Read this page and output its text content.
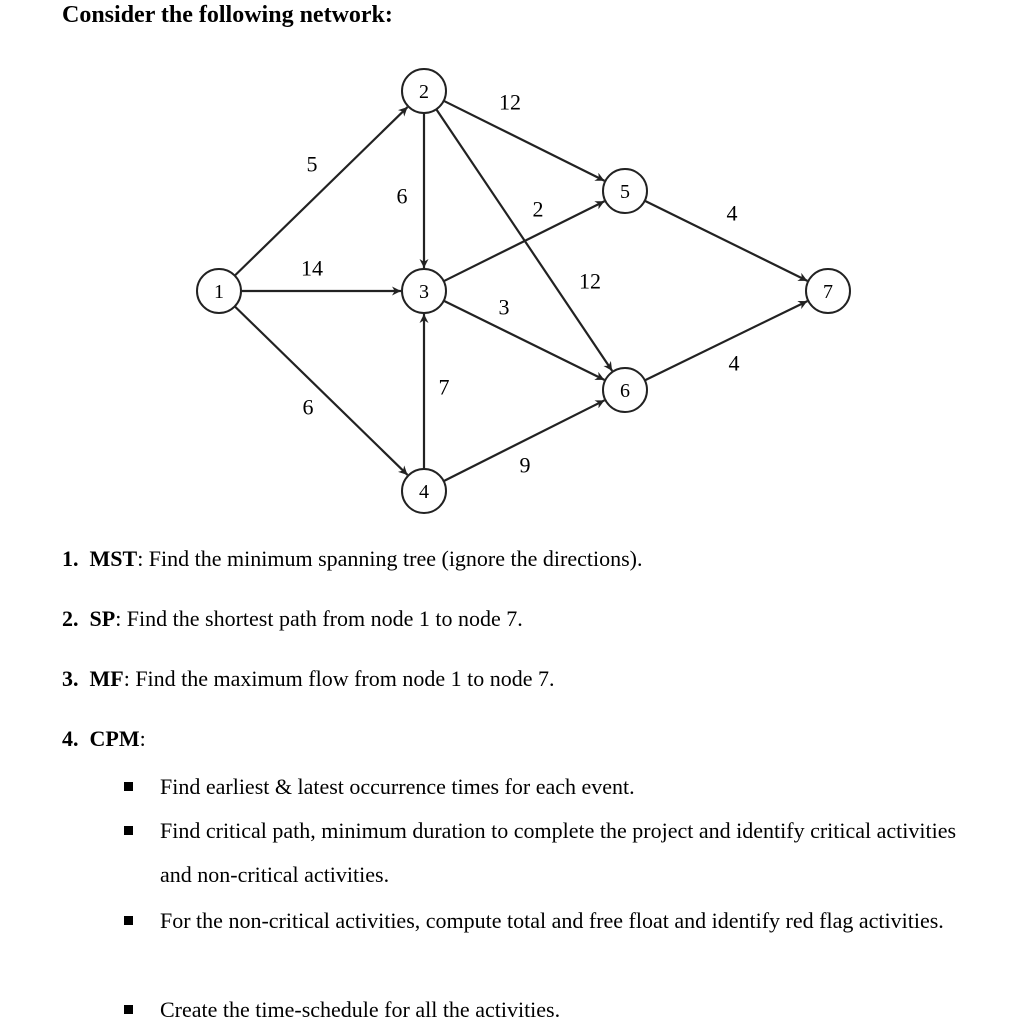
Consider the following network:
5
14
6
6
12
12
2
3
7
9
4
4
1
2
3
4
5
6
7

1. MST: Find the minimum spanning tree (ignore the directions).

2. SP: Find the shortest path from node 1 to node 7.

3. MF: Find the maximum flow from node 1 to node 7.

4. CPM:

Find earliest & latest occurrence times for each event.
Find critical path, minimum duration to complete the project and identify critical activities and non-critical activities.
For the non-critical activities, compute total and free float and identify red flag activities.
Create the time-schedule for all the activities.
